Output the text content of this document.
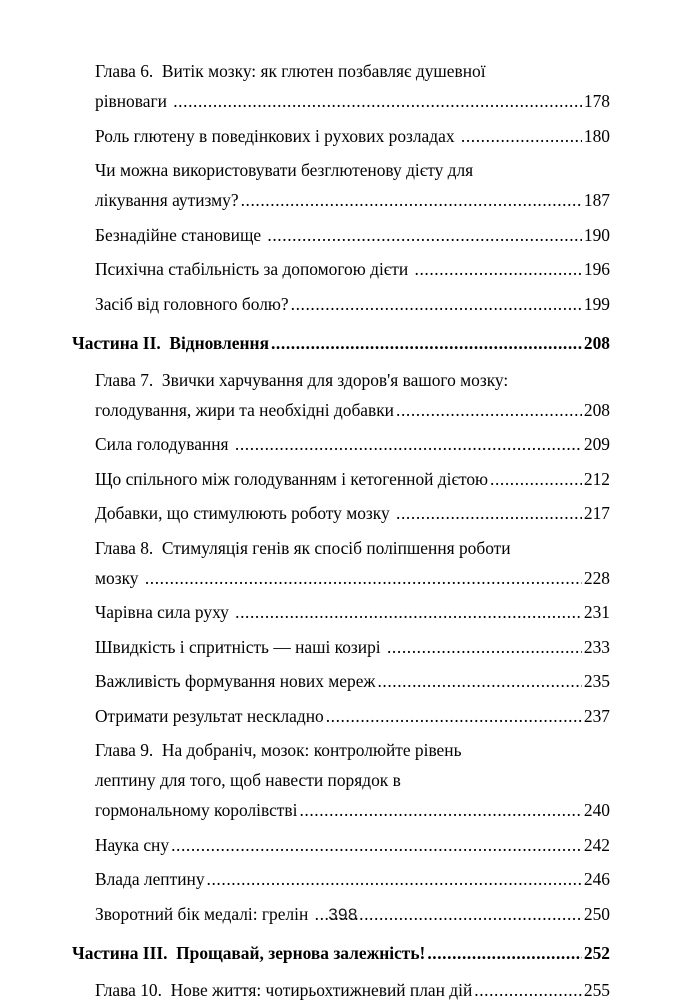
Глава 6.  Витік мозку: як глютен позбавляє душевної
рівноваги .....	178
Роль глютену в поведінкових і рухових розладах .....	180
Чи можна використовувати безглютенову дієту для
лікування аутизму? .....	187
Безнадійне становище .....	190
Психічна стабільність за допомогою дієти .....	196
Засіб від головного болю? .....	199
Частина II.  Відновлення .....	208
Глава 7.  Звички харчування для здоров'я вашого мозку:
голодування, жири та необхідні добавки .....	208
Сила голодування .....	209
Що спільного між голодуванням і кетогенной дієтою .....	212
Добавки, що стимулюють роботу мозку .....	217
Глава 8.  Стимуляція генів як спосіб поліпшення роботи
мозку .....	228
Чарівна сила руху .....	231
Швидкість і спритність — наші козирі .....	233
Важливість формування нових мереж .....	235
Отримати результат нескладно .....	237
Глава 9.  На добраніч, мозок: контролюйте рівень
лептину для того, щоб навести порядок в
гормональному королівстві .....	240
Наука сну .....	242
Влада лептину .....	246
Зворотний бік медалі: грелін .....	250
Частина III.  Прощавай, зернова залежність! .....	252
Глава 10.  Нове життя: чотирьохтижневий план дій .....	255
398
